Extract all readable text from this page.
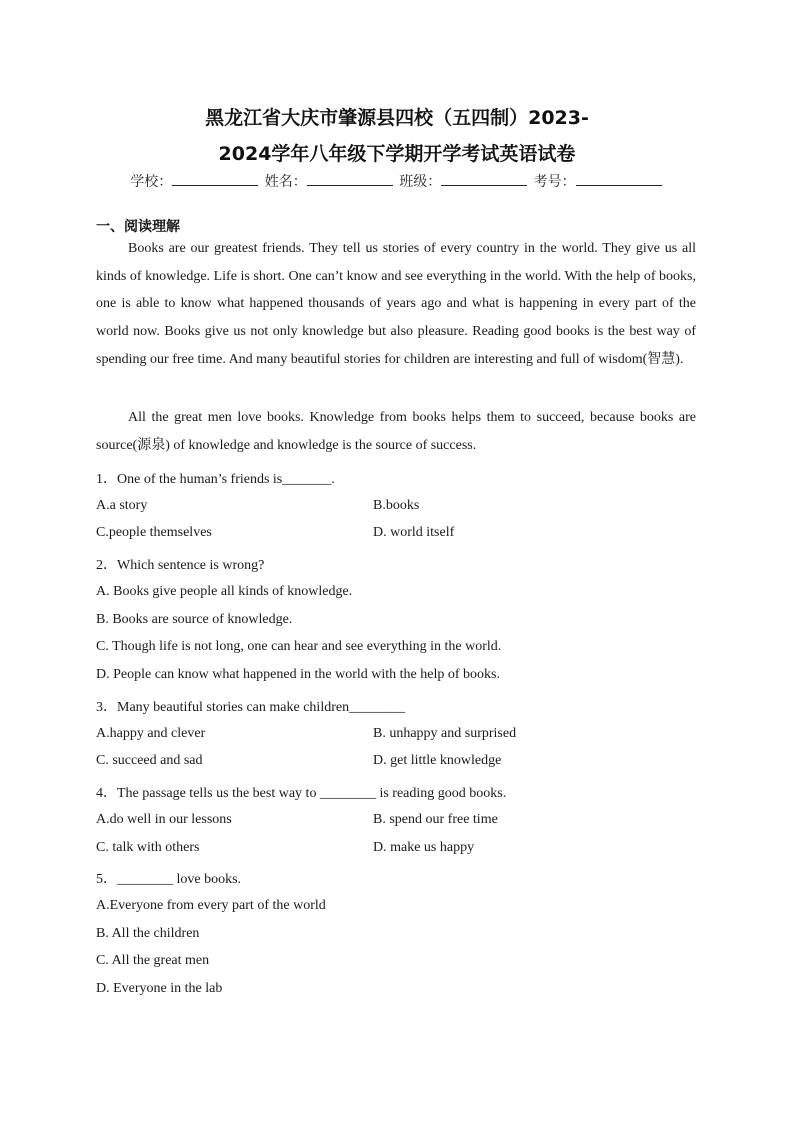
黑龙江省大庆市肇源县四校（五四制）2023-
2024学年八年级下学期开学考试英语试卷
学校：	姓名：	班级：	考号：
一、阅读理解

Books are our greatest friends. They tell us stories of every country in the world. They give us all kinds of knowledge. Life is short. One can’t know and see everything in the world. With the help of books, one is able to know what happened thousands of years ago and what is happening in every part of the world now. Books give us not only knowledge but also pleasure. Reading good books is the best way of spending our free time. And many beautiful stories for children are interesting and full of wisdom(智慧).

All the great men love books. Knowledge from books helps them to succeed, because books are source(源泉) of knowledge and knowledge is the source of success.

1．One of the human’s friends is_______.
A.a story	B.books
C.people themselves	D. world itself
2．Which sentence is wrong?
A. Books give people all kinds of knowledge.
B. Books are source of knowledge.
C. Though life is not long, one can hear and see everything in the world.
D. People can know what happened in the world with the help of books.
3．Many beautiful stories can make children________
A.happy and clever	B. unhappy and surprised
C. succeed and sad	D. get little knowledge
4．The passage tells us the best way to ________ is reading good books.
A.do well in our lessons	B. spend our free time
C. talk with others	D. make us happy
5．________ love books.
A.Everyone from every part of the world
B. All the children
C. All the great men
D. Everyone in the lab
